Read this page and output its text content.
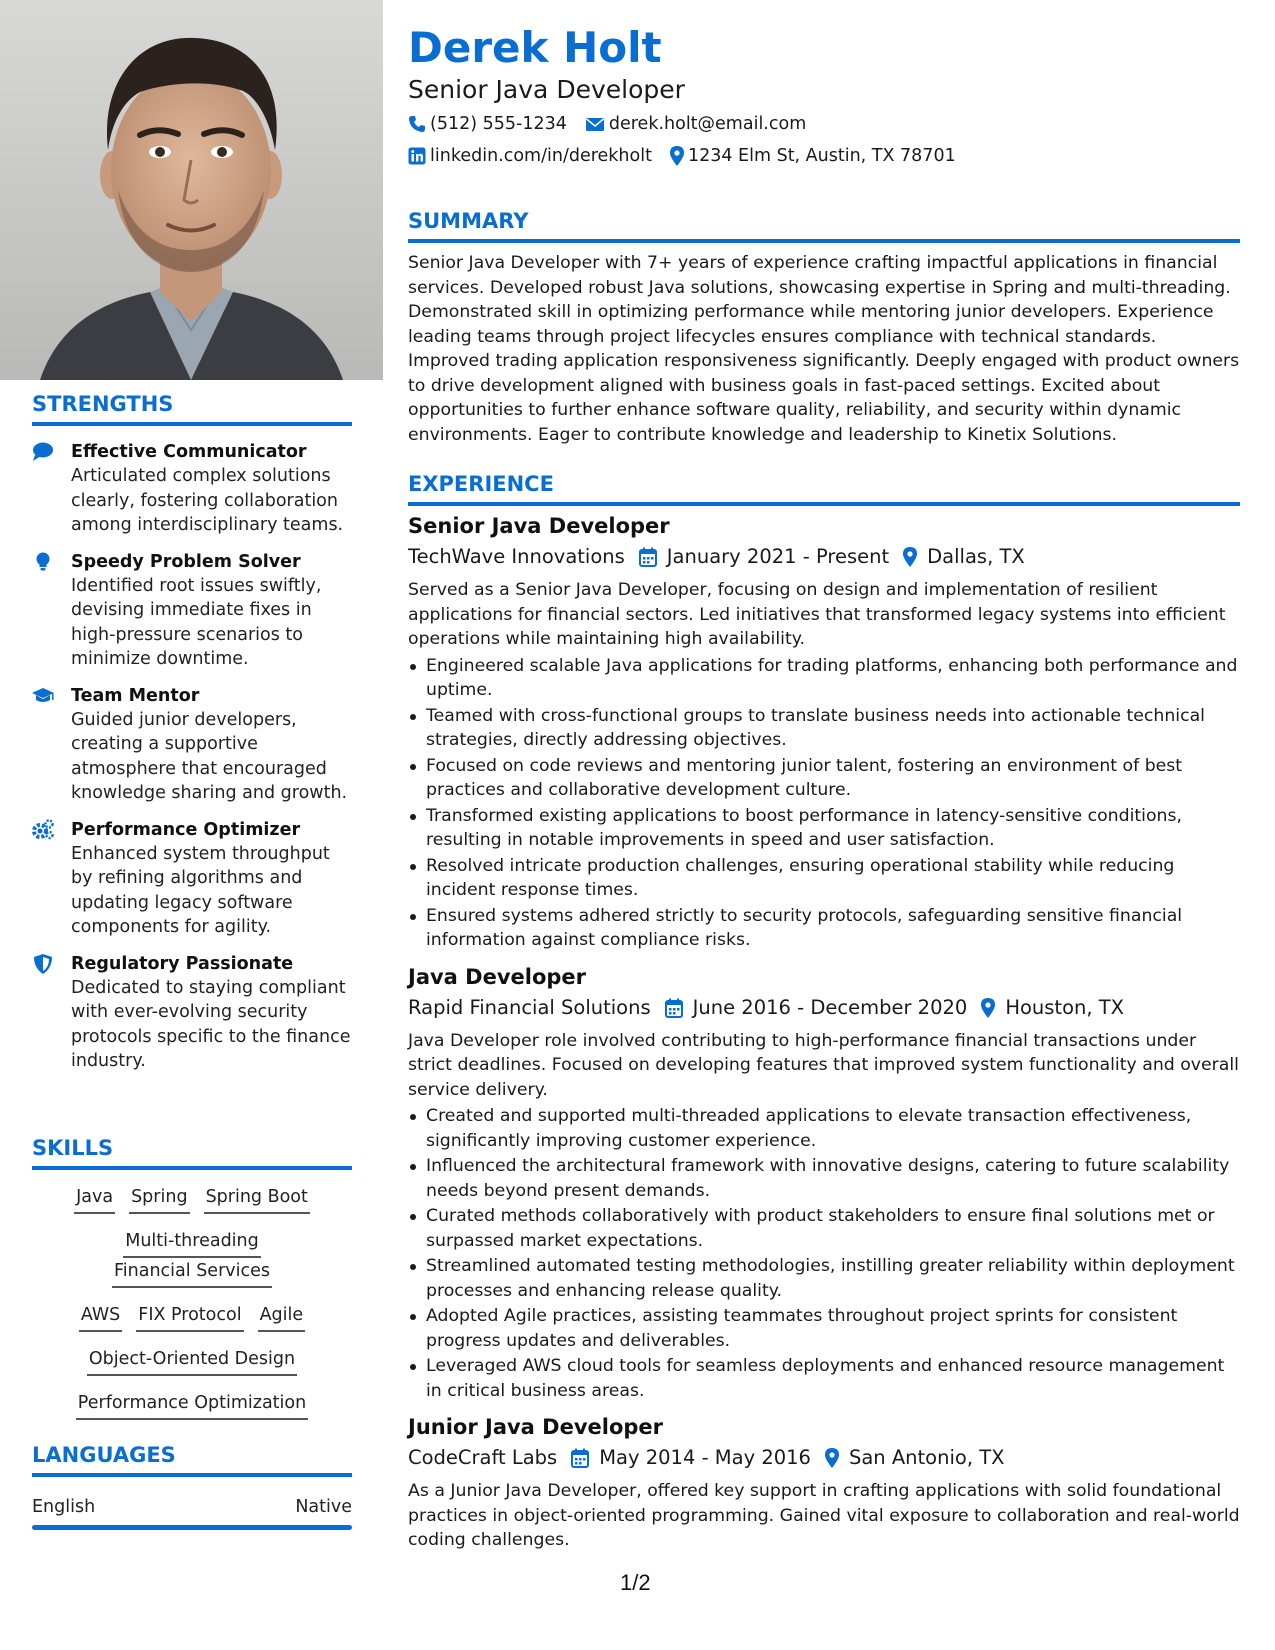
STRENGTHS
Effective Communicator
Articulated complex solutions clearly, fostering collaboration among interdisciplinary teams.
Speedy Problem Solver
Identified root issues swiftly, devising immediate fixes in high-pressure scenarios to minimize downtime.
Team Mentor
Guided junior developers, creating a supportive atmosphere that encouraged knowledge sharing and growth.
Performance Optimizer
Enhanced system throughput by refining algorithms and updating legacy software components for agility.
Regulatory Passionate
Dedicated to staying compliant with ever-evolving security protocols specific to the finance industry.
SKILLS
Java Spring Spring Boot
Multi-threadingFinancial Services
AWS FIX Protocol Agile
Object-Oriented Design
Performance Optimization
LANGUAGES
English	Native
Derek Holt
Senior Java Developer
(512) 555-1234 derek.holt@email.com
linkedin.com/in/derekholt 1234 Elm St, Austin, TX 78701
SUMMARY
Senior Java Developer with 7+ years of experience crafting impactful applications in financial services. Developed robust Java solutions, showcasing expertise in Spring and multi-threading. Demonstrated skill in optimizing performance while mentoring junior developers. Experience leading teams through project lifecycles ensures compliance with technical standards. Improved trading application responsiveness significantly. Deeply engaged with product owners to drive development aligned with business goals in fast-paced settings. Excited about opportunities to further enhance software quality, reliability, and security within dynamic environments. Eager to contribute knowledge and leadership to Kinetix Solutions.
EXPERIENCE
Senior Java Developer
TechWave Innovations January 2021 - Present Dallas, TX
Served as a Senior Java Developer, focusing on design and implementation of resilient applications for financial sectors. Led initiatives that transformed legacy systems into efficient operations while maintaining high availability.
Engineered scalable Java applications for trading platforms, enhancing both performance and uptime.
Teamed with cross-functional groups to translate business needs into actionable technical strategies, directly addressing objectives.
Focused on code reviews and mentoring junior talent, fostering an environment of best practices and collaborative development culture.
Transformed existing applications to boost performance in latency-sensitive conditions, resulting in notable improvements in speed and user satisfaction.
Resolved intricate production challenges, ensuring operational stability while reducing incident response times.
Ensured systems adhered strictly to security protocols, safeguarding sensitive financial information against compliance risks.
Java Developer
Rapid Financial Solutions June 2016 - December 2020 Houston, TX
Java Developer role involved contributing to high-performance financial transactions under strict deadlines. Focused on developing features that improved system functionality and overall service delivery.
Created and supported multi-threaded applications to elevate transaction effectiveness, significantly improving customer experience.
Influenced the architectural framework with innovative designs, catering to future scalability needs beyond present demands.
Curated methods collaboratively with product stakeholders to ensure final solutions met or surpassed market expectations.
Streamlined automated testing methodologies, instilling greater reliability within deployment processes and enhancing release quality.
Adopted Agile practices, assisting teammates throughout project sprints for consistent progress updates and deliverables.
Leveraged AWS cloud tools for seamless deployments and enhanced resource management in critical business areas.
Junior Java Developer
CodeCraft Labs May 2014 - May 2016 San Antonio, TX
As a Junior Java Developer, offered key support in crafting applications with solid foundational practices in object-oriented programming. Gained vital exposure to collaboration and real-world coding challenges.
1/2
